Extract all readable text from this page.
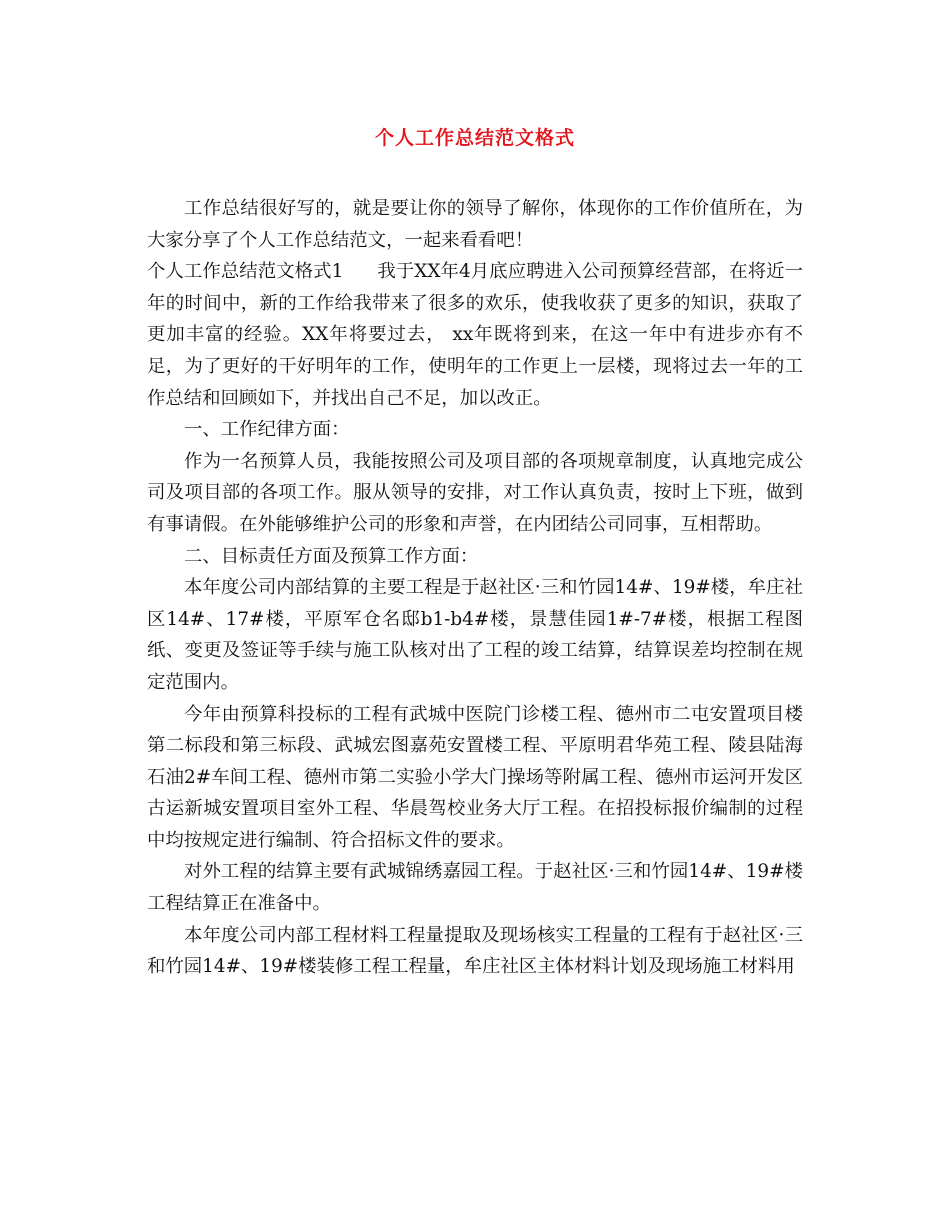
个人工作总结范文格式

工作总结很好写的，就是要让你的领导了解你，体现你的工作价值所在，为大家分享了个人工作总结范文，一起来看看吧！

个人工作总结范文格式1 我于XX年4月底应聘进入公司预算经营部，在将近一年的时间中，新的工作给我带来了很多的欢乐，使我收获了更多的知识，获取了更加丰富的经验。XX年将要过去， xx年既将到来，在这一年中有进步亦有不足，为了更好的干好明年的工作，使明年的工作更上一层楼，现将过去一年的工作总结和回顾如下，并找出自己不足，加以改正。

一、工作纪律方面：

作为一名预算人员，我能按照公司及项目部的各项规章制度，认真地完成公司及项目部的各项工作。服从领导的安排，对工作认真负责，按时上下班，做到有事请假。在外能够维护公司的形象和声誉，在内团结公司同事，互相帮助。

二、目标责任方面及预算工作方面：

本年度公司内部结算的主要工程是于赵社区·三和竹园14#、19#楼，牟庄社区14#、17#楼，平原军仓名邸b1-b4#楼，景慧佳园1#-7#楼，根据工程图纸、变更及签证等手续与施工队核对出了工程的竣工结算，结算误差均控制在规定范围内。

今年由预算科投标的工程有武城中医院门诊楼工程、德州市二屯安置项目楼第二标段和第三标段、武城宏图嘉苑安置楼工程、平原明君华苑工程、陵县陆海石油2#车间工程、德州市第二实验小学大门操场等附属工程、德州市运河开发区古运新城安置项目室外工程、华晨驾校业务大厅工程。在招投标报价编制的过程中均按规定进行编制、符合招标文件的要求。

对外工程的结算主要有武城锦绣嘉园工程。于赵社区·三和竹园14#、19#楼工程结算正在准备中。

本年度公司内部工程材料工程量提取及现场核实工程量的工程有于赵社区·三和竹园14#、19#楼装修工程工程量，牟庄社区主体材料计划及现场施工材料用
